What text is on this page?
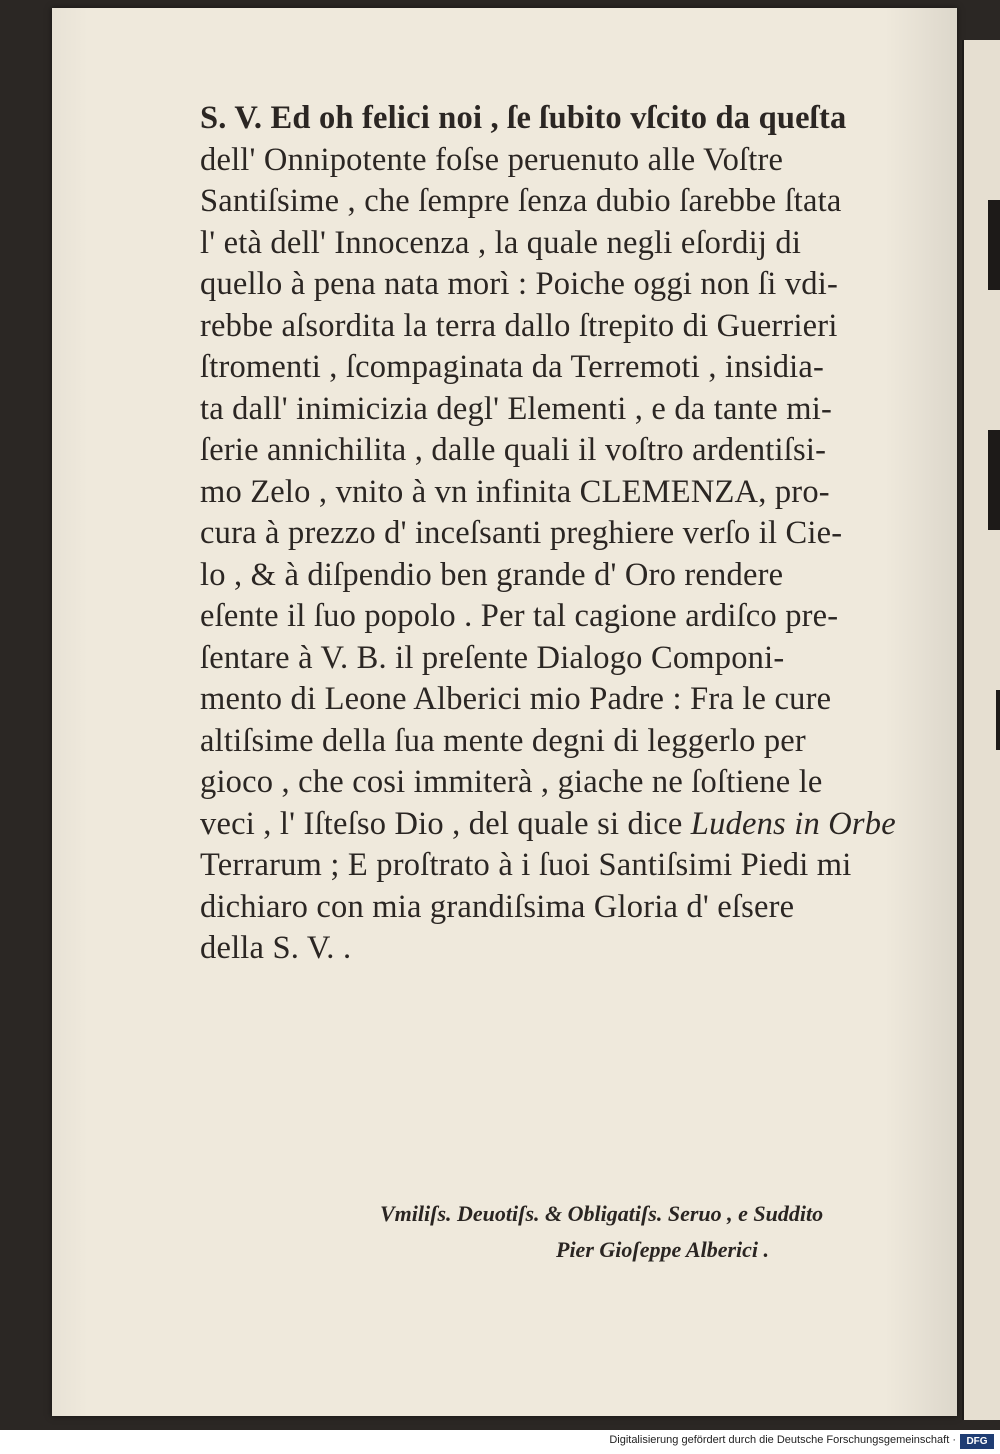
S. V. Ed oh felici noi , ſe ſubito vſcito da queſta
dell' Onnipotente foſse peruenuto alle Voſtre
Santiſsime , che ſempre ſenza dubio ſarebbe ſtata
l' età dell' Innocenza , la quale negli eſordij di
quello à pena nata morì : Poiche oggi non ſi vdi-
rebbe aſsordita la terra dallo ſtrepito di Guerrieri
ſtromenti , ſcompaginata da Terremoti , insidia-
ta dall' inimicizia degl' Elementi , e da tante mi-
ſerie annichilita , dalle quali il voſtro ardentiſsi-
mo Zelo , vnito à vn infinita CLEMENZA, pro-
cura à prezzo d' inceſsanti preghiere verſo il Cie-
lo , & à diſpendio ben grande d' Oro rendere
eſente il ſuo popolo . Per tal cagione ardiſco pre-
ſentare à V. B. il preſente Dialogo Componi-
mento di Leone Alberici mio Padre : Fra le cure
altiſsime della ſua mente degni di leggerlo per
gioco , che cosi immiterà , giache ne ſoſtiene le
veci , l' Iſteſso Dio , del quale si dice Ludens in Orbe
Terrarum ; E proſtrato à i ſuoi Santiſsimi Piedi mi
dichiaro con mia grandiſsima Gloria d' eſsere
della S. V. .
Vmiliſs. Deuotiſs. & Obligatiſs. Seruo , e Suddito
Pier Gioſeppe Alberici .
Digitalisierung gefördert durch die Deutsche Forschungsgemeinschaft ·	DFG
